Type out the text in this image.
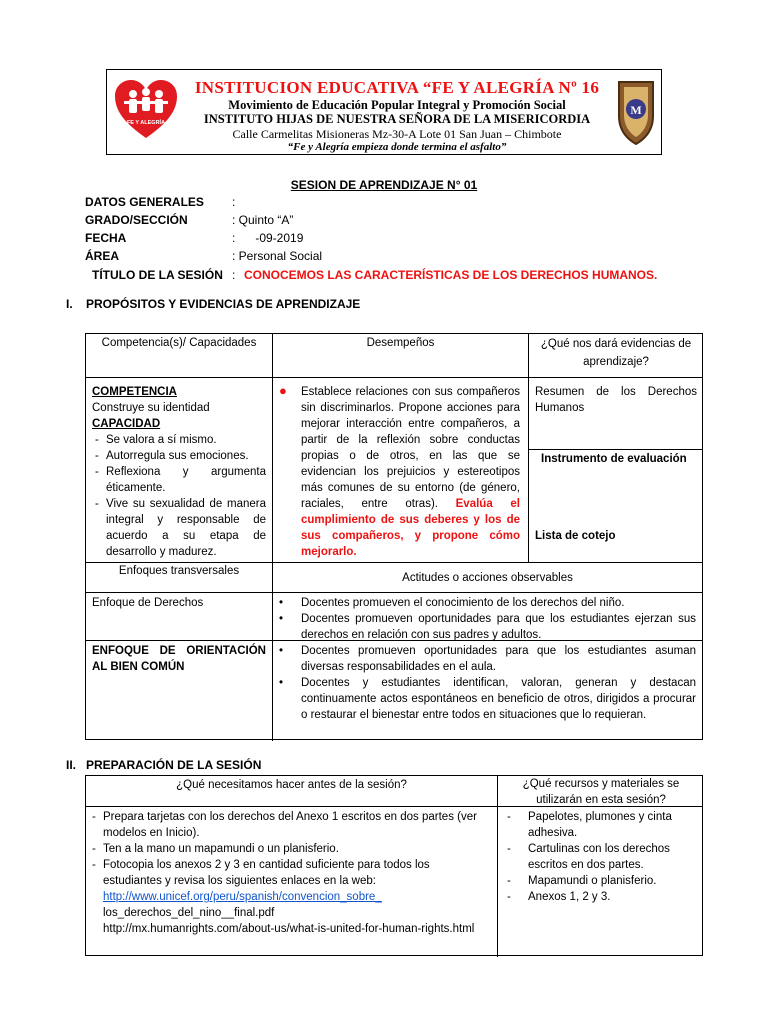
FE Y ALEGRÍA
INSTITUCION EDUCATIVA “FE Y ALEGRÍA Nº 16
Movimiento de Educación Popular Integral y Promoción Social
INSTITUTO HIJAS DE NUESTRA SEÑORA DE LA MISERICORDIA
Calle Carmelitas Misioneras Mz-30-A Lote 01 San Juan – Chimbote
“Fe y Alegría empieza donde termina el asfalto”
M
SESION DE APRENDIZAJE N° 01
DATOS GENERALES :
GRADO/SECCIÓN	: Quinto “A”
FECHA	:      -09-2019
ÁREA	: Personal Social
TÍTULO DE LA SESIÓN : CONOCEMOS LAS CARACTERÍSTICAS DE LOS DERECHOS HUMANOS.
I. PROPÓSITOS Y EVIDENCIAS DE APRENDIZAJE
Competencia(s)/ Capacidades	Desempeños	¿Qué nos dará evidencias de aprendizaje?
COMPETENCIA
Construye su identidad
CAPACIDAD
- Se valora a sí mismo.
- Autorregula sus emociones.
- Reflexiona y argumenta éticamente.
- Vive su sexualidad de manera integral y responsable de acuerdo a su etapa de desarrollo y madurez.
●	Establece relaciones con sus compañeros sin discriminarlos. Propone acciones para mejorar interacción entre compañeros, a partir de la reflexión sobre conductas propias o de otros, en las que se evidencian los prejuicios y estereotipos más comunes de su entorno (de género, raciales, entre otras). Evalúa el cumplimiento de sus deberes y los de sus compañeros, y propone cómo mejorarlo.
Resumen de los Derechos Humanos
Instrumento de evaluación
Lista de cotejo
Enfoques transversales
Actitudes o acciones observables
Enfoque de Derechos
•	Docentes promueven el conocimiento de los derechos del niño.
• Docentes promueven oportunidades para que los estudiantes ejerzan sus derechos en relación con sus padres y adultos.
ENFOQUE DE ORIENTACIÓN AL BIEN COMÚN
• Docentes promueven oportunidades para que los estudiantes asuman diversas responsabilidades en el aula.
• Docentes y estudiantes identifican, valoran, generan y destacan continuamente actos espontáneos en beneficio de otros, dirigidos a procurar o restaurar el bienestar entre todos en situaciones que lo requieran.
II. PREPARACIÓN DE LA SESIÓN
¿Qué necesitamos hacer antes de la sesión?	¿Qué recursos y materiales se utilizarán en esta sesión?
- Prepara tarjetas con los derechos del Anexo 1 escritos en dos partes (ver modelos en Inicio).
- Ten a la mano un mapamundi o un planisferio.
- Fotocopia los anexos 2 y 3 en cantidad suficiente para todos los estudiantes y revisa los siguientes enlaces en la web:
http://www.unicef.org/peru/spanish/convencion_sobre_
los_derechos_del_nino__final.pdf
http://mx.humanrights.com/about-us/what-is-united-for-human-rights.html
- Papelotes, plumones y cinta adhesiva.
- Cartulinas con los derechos escritos en dos partes.
- Mapamundi o planisferio.
- Anexos 1, 2 y 3.
